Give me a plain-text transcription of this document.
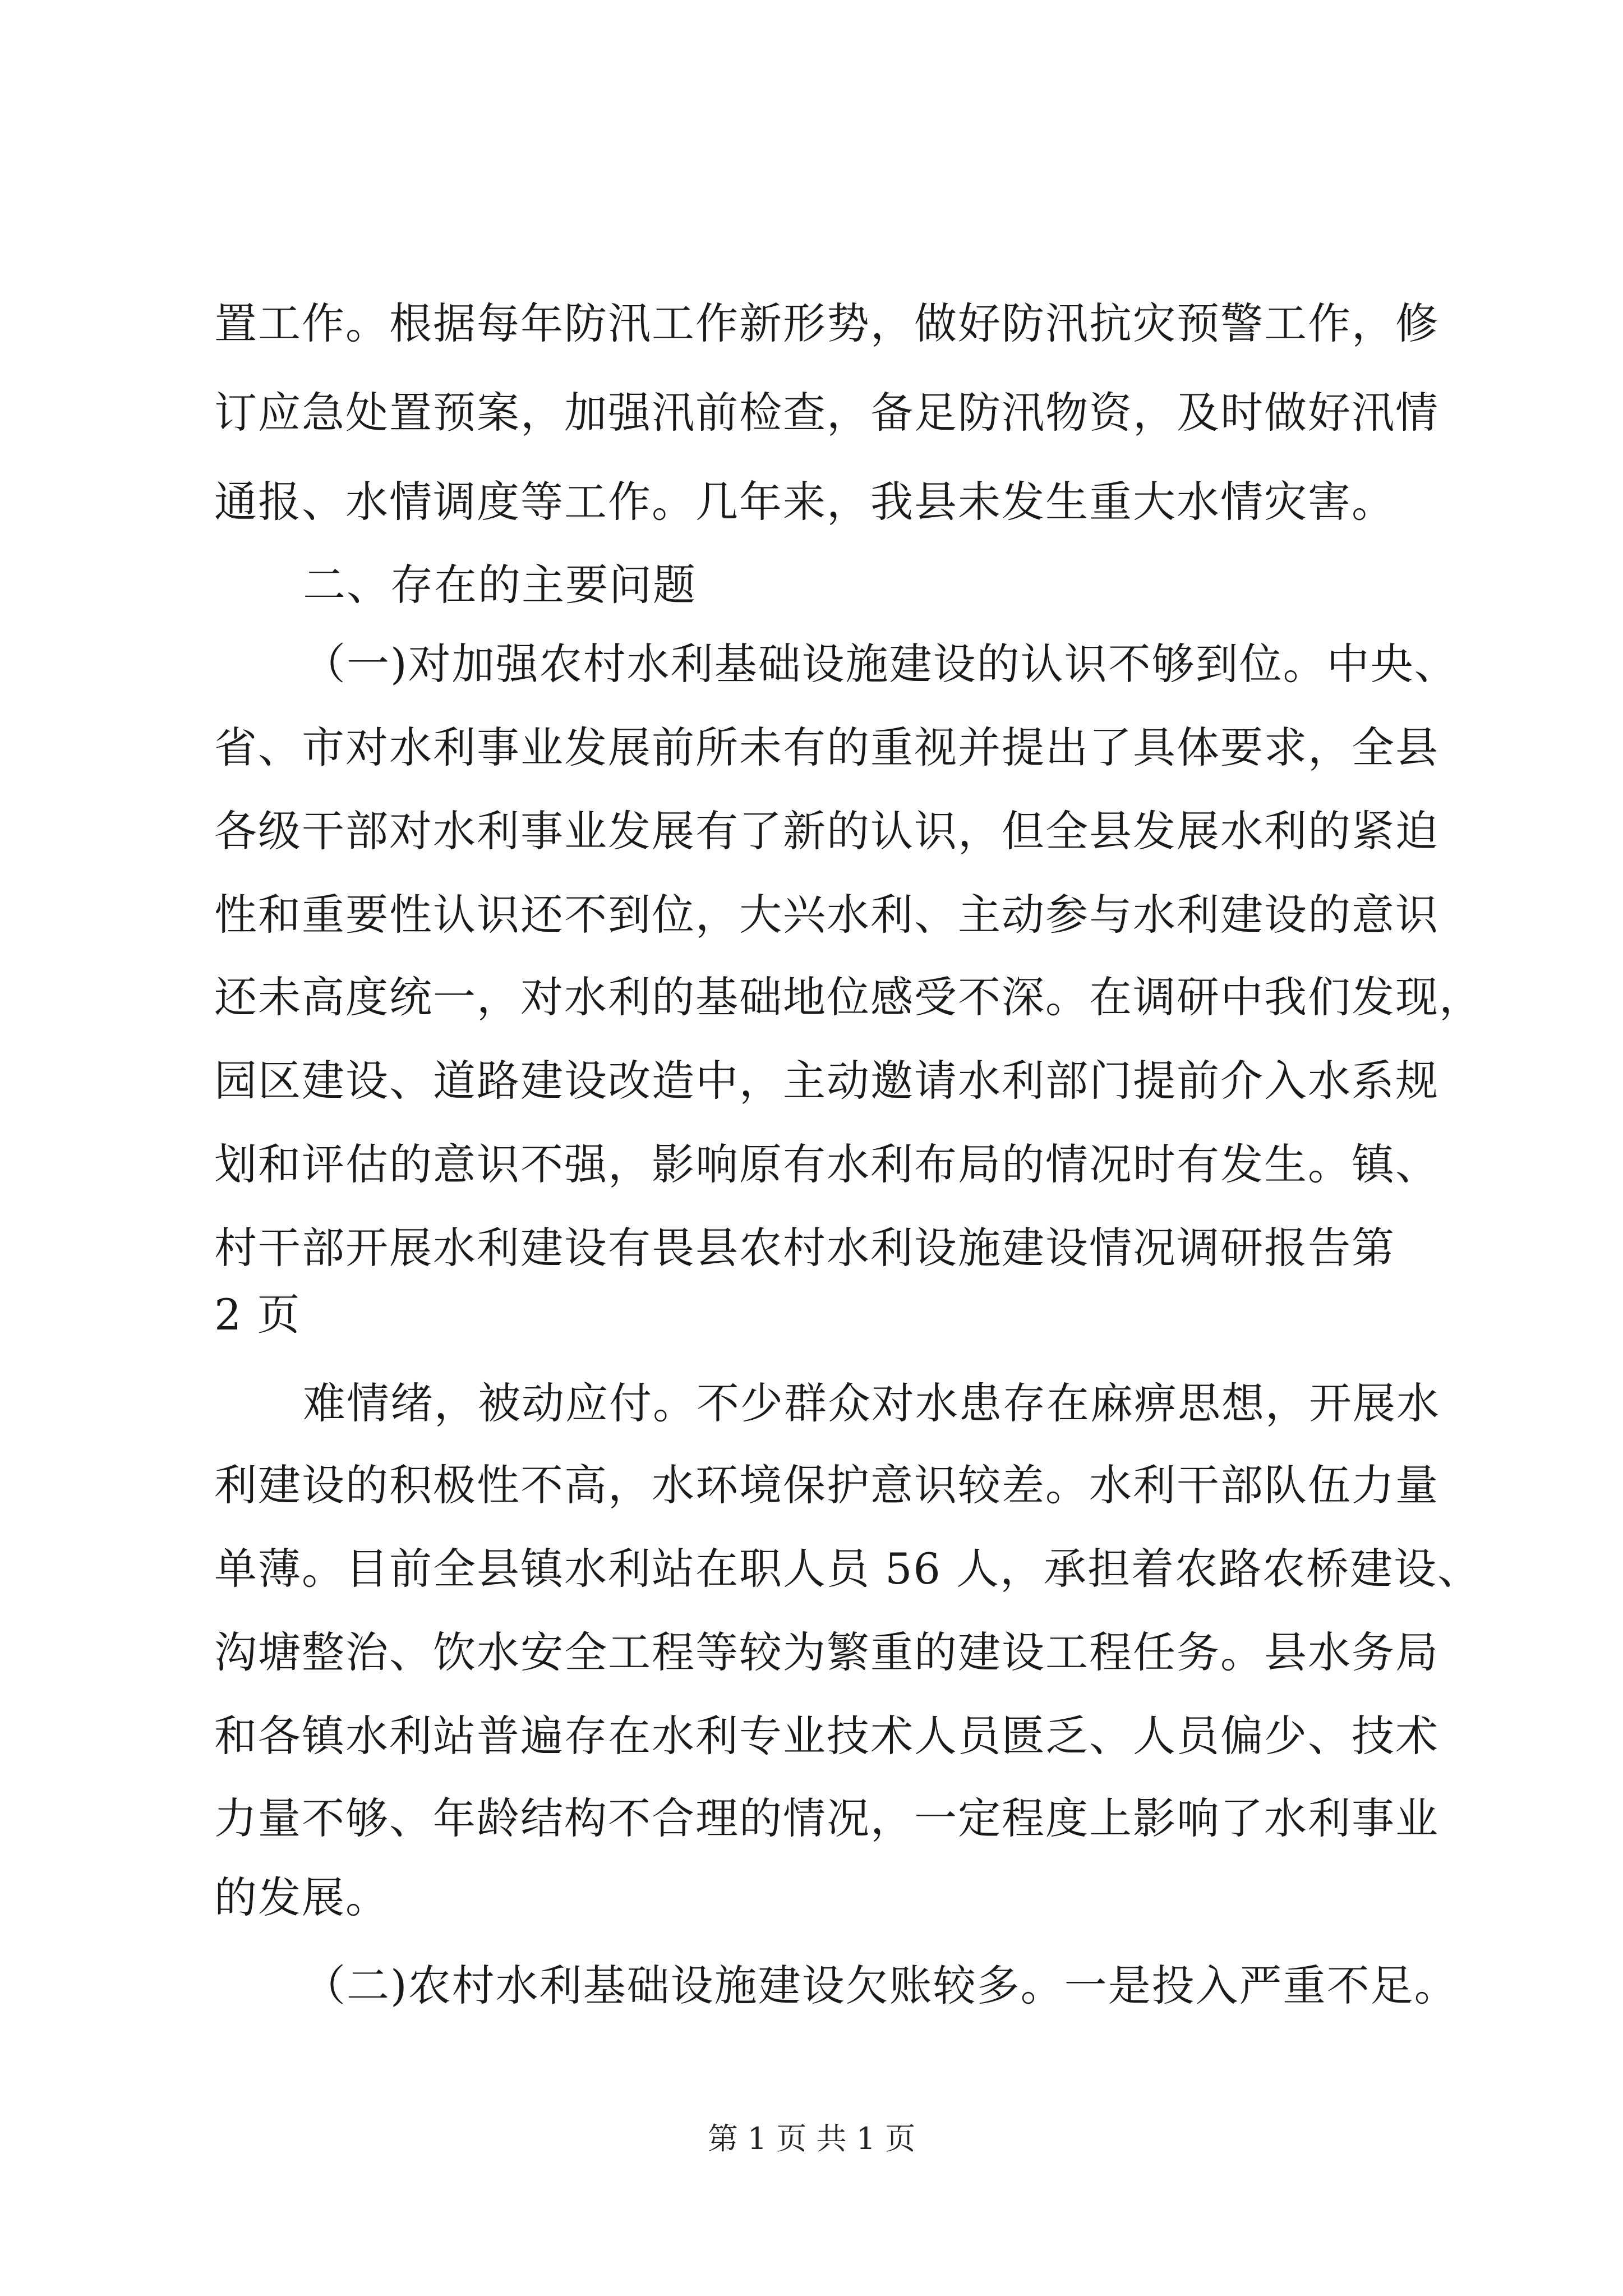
置工作。根据每年防汛工作新形势，做好防汛抗灾预警工作，修
订应急处置预案，加强汛前检查，备足防汛物资，及时做好汛情
通报、水情调度等工作。几年来，我县未发生重大水情灾害。
二、存在的主要问题
（一)对加强农村水利基础设施建设的认识不够到位。中央、
省、市对水利事业发展前所未有的重视并提出了具体要求，全县
各级干部对水利事业发展有了新的认识，但全县发展水利的紧迫
性和重要性认识还不到位，大兴水利、主动参与水利建设的意识
还未高度统一，对水利的基础地位感受不深。在调研中我们发现，
园区建设、道路建设改造中，主动邀请水利部门提前介入水系规
划和评估的意识不强，影响原有水利布局的情况时有发生。镇、
村干部开展水利建设有畏县农村水利设施建设情况调研报告第
2 页
难情绪，被动应付。不少群众对水患存在麻痹思想，开展水
利建设的积极性不高，水环境保护意识较差。水利干部队伍力量
单薄。目前全县镇水利站在职人员 56 人，承担着农路农桥建设、
沟塘整治、饮水安全工程等较为繁重的建设工程任务。县水务局
和各镇水利站普遍存在水利专业技术人员匮乏、人员偏少、技术
力量不够、年龄结构不合理的情况，一定程度上影响了水利事业
的发展。
（二)农村水利基础设施建设欠账较多。一是投入严重不足。
第 1 页 共 1 页
